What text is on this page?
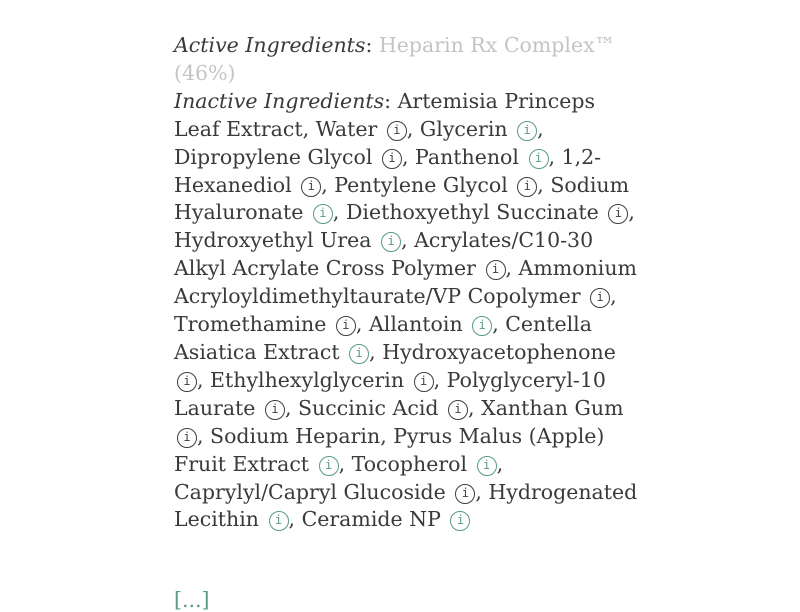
Active Ingredients: Heparin Rx Complex™ (46%)

Inactive Ingredients: Artemisia Princeps Leaf Extract, Water i , Glycerin i , Dipropylene Glycol i , Panthenol i , 1,2-Hexanediol i , Pentylene Glycol i , Sodium Hyaluronate i , Diethoxyethyl Succinate i , Hydroxyethyl Urea i , Acrylates/C10-30 Alkyl Acrylate Cross Polymer i , Ammonium Acryloyldimethyltaurate/VP Copolymer i , Tromethamine i , Allantoin i , Centella Asiatica Extract i , Hydroxyacetophenone i , Ethylhexylglycerin i , Polyglyceryl-10 Laurate i , Succinic Acid i , Xanthan Gum i , Sodium Heparin, Pyrus Malus (Apple) Fruit Extract i , Tocopherol i , Caprylyl/Capryl Glucoside i , Hydrogenated Lecithin i , Ceramide NP i

[...]
